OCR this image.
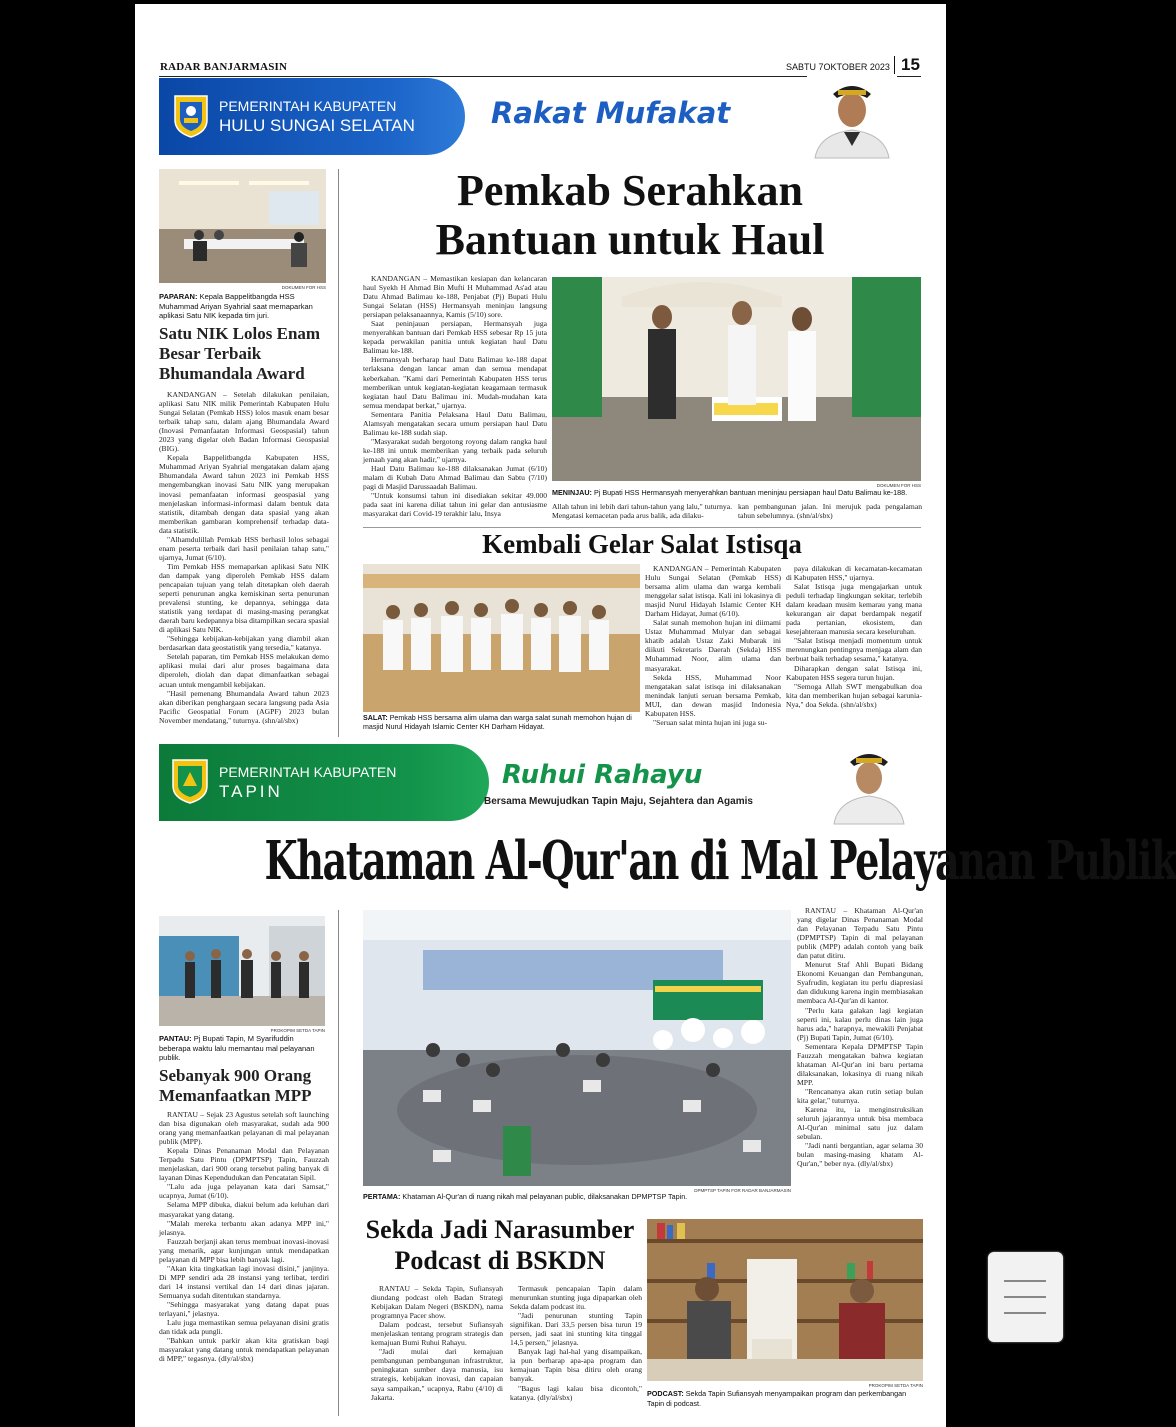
RADAR BANJARMASIN	SABTU 7OKTOBER 2023 15
PEMERINTAH KABUPATEN
HULU SUNGAI SELATAN	Rakat Mufakat
DOKUMEN FOR HSS
PAPARAN: Kepala Bappelitbangda HSS Muhammad Ariyan Syahrial saat memaparkan aplikasi Satu NIK kepada tim juri.
Satu NIK Lolos Enam Besar Terbaik Bhumandala Award

KANDANGAN – Setelah dilakukan penilaian, aplikasi Satu NIK milik Pemerintah Kabupaten Hulu Sungai Selatan (Pemkab HSS) lolos masuk enam besar terbaik tahap satu, dalam ajang Bhumandala Award (Inovasi Pemanfaatan Informasi Geospasial) tahun 2023 yang digelar oleh Badan Informasi Geospasial (BIG).

Kepala Bappelitbangda Kabupaten HSS, Muhammad Ariyan Syahrial mengatakan dalam ajang Bhumandala Award tahun 2023 ini Pemkab HSS mengembangkan inovasi Satu NIK yang merupakan inovasi pemanfaatan informasi geospasial yang menjelaskan informasi-informasi dalam bentuk data statistik, ditambah dengan data spasial yang akan memberikan gambaran komprehensif terhadap data-data statistik.

"Alhamdulillah Pemkab HSS berhasil lolos sebagai enam peserta terbaik dari hasil penilaian tahap satu," ujarnya, Jumat (6/10).

Tim Pemkab HSS memaparkan aplikasi Satu NIK dan dampak yang diperoleh Pemkab HSS dalam pencapaian tujuan yang telah ditetapkan oleh daerah seperti penurunan angka kemiskinan serta penurunan prevalensi stunting, ke depannya, sehingga data statistik yang terdapat di masing-masing perangkat daerah baru kedepannya bisa ditampilkan secara spasial di aplikasi Satu NIK.

"Sehingga kebijakan-kebijakan yang diambil akan berdasarkan data geostatistik yang tersedia," katanya.

Setelah paparan, tim Pemkab HSS melakukan demo aplikasi mulai dari alur proses bagaimana data diperoleh, diolah dan dapat dimanfaatkan sebagai acuan untuk mengambil kebijakan.

"Hasil pemenang Bhumandala Award tahun 2023 akan diberikan penghargaan secara langsung pada Asia Pacific Geospatial Forum (AGPF) 2023 bulan November mendatang," tuturnya. (shn/al/sbx)

Pemkab Serahkan
Bantuan untuk Haul

KANDANGAN – Memastikan kesiapan dan kelancaran haul Syekh H Ahmad Bin Mufti H Muhammad As'ad atau Datu Ahmad Balimau ke-188, Penjabat (Pj) Bupati Hulu Sungai Selatan (HSS) Hermansyah meninjau langsung persiapan pelaksanaannya, Kamis (5/10) sore.

Saat peninjauan persiapan, Hermansyah juga menyerahkan bantuan dari Pemkab HSS sebesar Rp 15 juta kepada perwakilan panitia untuk kegiatan haul Datu Balimau ke-188.

Hermansyah berharap haul Datu Balimau ke-188 dapat terlaksana dengan lancar aman dan semua mendapat keberkahan. "Kami dari Pemerintah Kabupaten HSS terus memberikan untuk kegiatan-kegiatan keagamaan termasuk kegiatan haul Datu Balimau ini. Mudah-mudahan kata semua mendapat berkat," ujarnya.

Sementara Panitia Pelaksana Haul Datu Balimau, Alamsyah mengatakan secara umum persiapan haul Datu Balimau ke-188 sudah siap.

"Masyarakat sudah bergotong royong dalam rangka haul ke-188 ini untuk memberikan yang terbaik pada seluruh jemaah yang akan hadir," ujarnya.

Haul Datu Balimau ke-188 dilaksanakan Jumat (6/10) malam di Kubah Datu Ahmad Balimau dan Sabtu (7/10) pagi di Masjid Darussaadah Balimau.

"Untuk konsumsi tahun ini disediakan sekitar 49.000 pada saat ini karena diliat tahun ini gelar dan antusiasme masyarakat dari Covid-19 terakhir lalu, Insya

DOKUMEN FOR HSS
MENINJAU: Pj Bupati HSS Hermansyah menyerahkan bantuan meninjau persiapan haul Datu Balimau ke-188.

Allah tahun ini lebih dari tahun-tahun yang lalu," tuturnya. Mengatasi kemacetan pada arus balik, ada dilaku-

kan pembangunan jalan. Ini merujuk pada pengalaman tahun sebelumnya. (shn/al/sbx)

Kembali Gelar Salat Istisqa
SALAT: Pemkab HSS bersama alim ulama dan warga salat sunah memohon hujan di masjid Nurul Hidayah Islamic Center KH Darham Hidayat.

KANDANGAN – Pemerintah Kabupaten Hulu Sungai Selatan (Pemkab HSS) bersama alim ulama dan warga kembali menggelar salat istisqa. Kali ini lokasinya di masjid Nurul Hidayah Islamic Center KH Darham Hidayat, Jumat (6/10).

Salat sunah memohon hujan ini diimami Ustaz Muhammad Mulyar dan sebagai khatib adalah Ustaz Zaki Mubarak ini diikuti Sekretaris Daerah (Sekda) HSS Muhammad Noor, alim ulama dan masyarakat.

Sekda HSS, Muhammad Noor mengatakan salat istisqa ini dilaksanakan menindak lanjuti seruan bersama Pemkab, MUI, dan dewan masjid Indonesia Kabupaten HSS.

"Seruan salat minta hujan ini juga su-

paya dilakukan di kecamatan-kecamatan di Kabupaten HSS," ujarnya.

Salat Istisqa juga mengajarkan untuk peduli terhadap lingkungan sekitar, terlebih dalam keadaan musim kemarau yang mana kekurangan air dapat berdampak negatif pada pertanian, ekosistem, dan kesejahteraan manusia secara keseluruhan.

"Salat Istisqa menjadi momentum untuk merenungkan pentingnya menjaga alam dan berbuat baik terhadap sesama," katanya.

Diharapkan dengan salat Istisqa ini, Kabupaten HSS segera turun hujan.

"Semoga Allah SWT mengabulkan doa kita dan memberikan hujan sebagai karunia-Nya," doa Sekda. (shn/al/sbx)

PEMERINTAH KABUPATEN
TAPIN
Ruhui Rahayu
Bersama Mewujudkan Tapin Maju, Sejahtera dan Agamis
Khataman Al-Qur'an di Mal Pelayanan Publik
PROKOPIM SETDA TAPIN
PANTAU: Pj Bupati Tapin, M Syarifuddin beberapa waktu lalu memantau mal pelayanan publik.
Sebanyak 900 Orang Memanfaatkan MPP

RANTAU – Sejak 23 Agustus setelah soft launching dan bisa digunakan oleh masyarakat, sudah ada 900 orang yang memanfaatkan pelayanan di mal pelayanan publik (MPP).

Kepala Dinas Penanaman Modal dan Pelayanan Terpadu Satu Pintu (DPMPTSP) Tapin, Fauzzah menjelaskan, dari 900 orang tersebut paling banyak di layanan Dinas Kependudukan dan Pencatatan Sipil.

"Lalu ada juga pelayanan kata dari Samsat," ucapnya, Jumat (6/10).

Selama MPP dibuka, diakui belum ada keluhan dari masyarakat yang datang.

"Malah mereka terbantu akan adanya MPP ini," jelasnya.

Fauzzah berjanji akan terus membuat inovasi-inovasi yang menarik, agar kunjungan untuk mendapatkan pelayanan di MPP bisa lebih banyak lagi.

"Akan kita tingkatkan lagi inovasi disini," janjinya. Di MPP sendiri ada 28 instansi yang terlibat, terdiri dari 14 instansi vertikal dan 14 dari dinas jajaran. Semuanya sudah ditentukan standarnya.

"Sehingga masyarakat yang datang dapat puas terlayani," jelasnya.

Lalu juga memastikan semua pelayanan disini gratis dan tidak ada pungli.

"Bahkan untuk parkir akan kita gratiskan bagi masyarakat yang datang untuk mendapatkan pelayanan di MPP," tegasnya. (dly/al/sbx)

DPMPTSP TAPIN FOR RADAR BANJARMASIN
PERTAMA: Khataman Al-Qur'an di ruang nikah mal pelayanan public, dilaksanakan DPMPTSP Tapin.

RANTAU – Khataman Al-Qur'an yang digelar Dinas Penanaman Modal dan Pelayanan Terpadu Satu Pintu (DPMPTSP) Tapin di mal pelayanan publik (MPP) adalah contoh yang baik dan patut ditiru.

Menurut Staf Ahli Bupati Bidang Ekonomi Keuangan dan Pembangunan, Syafrudin, kegiatan itu perlu diapresiasi dan didukung karena ingin membiasakan membaca Al-Qur'an di kantor.

"Perlu kata galakan lagi kegiatan seperti ini, kalau perlu dinas lain juga harus ada," harapnya, mewakili Penjabat (Pj) Bupati Tapin, Jumat (6/10).

Sementara Kepala DPMPTSP Tapin Fauzzah mengatakan bahwa kegiatan khataman Al-Qur'an ini baru pertama dilaksanakan, lokasinya di ruang nikah MPP.

"Rencananya akan rutin setiap bulan kita gelar," tuturnya.

Karena itu, ia menginstruksikan seluruh jajarannya untuk bisa membaca Al-Qur'an minimal satu juz dalam sebulan.

"Jadi nanti bergantian, agar selama 30 bulan masing-masing khatam Al-Qur'an," beber nya. (dly/al/sbx)

Sekda Jadi Narasumber
Podcast di BSKDN

RANTAU – Sekda Tapin, Sufiansyah diundang podcast oleh Badan Strategi Kebijakan Dalam Negeri (BSKDN), nama programnya Pacer show.

Dalam podcast, tersebut Sufiansyah menjelaskan tentang program strategis dan kemajuan Bumi Ruhui Rahayu.

"Jadi mulai dari kemajuan pembangunan pembangunan infrastruktur, peningkatan sumber daya manusia, isu strategis, kebijakan inovasi, dan capaian saya sampaikan," ucapnya, Rabu (4/10) di Jakarta.

Termasuk pencapaian Tapin dalam menurunkan stunting juga dipaparkan oleh Sekda dalam podcast itu.

"Jadi penurunan stunting Tapin signifikan. Dari 33,5 persen bisa turun 19 persen, jadi saat ini stunting kita tinggal 14,5 persen," jelasnya.

Banyak lagi hal-hal yang disampaikan, ia pun berharap apa-apa program dan kemajuan Tapin bisa ditiru oleh orang banyak.

"Bagus lagi kalau bisa dicontoh," katanya. (dly/al/sbx)

PROKOPIM SETDA TAPIN
PODCAST: Sekda Tapin Sufiansyah menyampaikan program dan perkembangan Tapin di podcast.
